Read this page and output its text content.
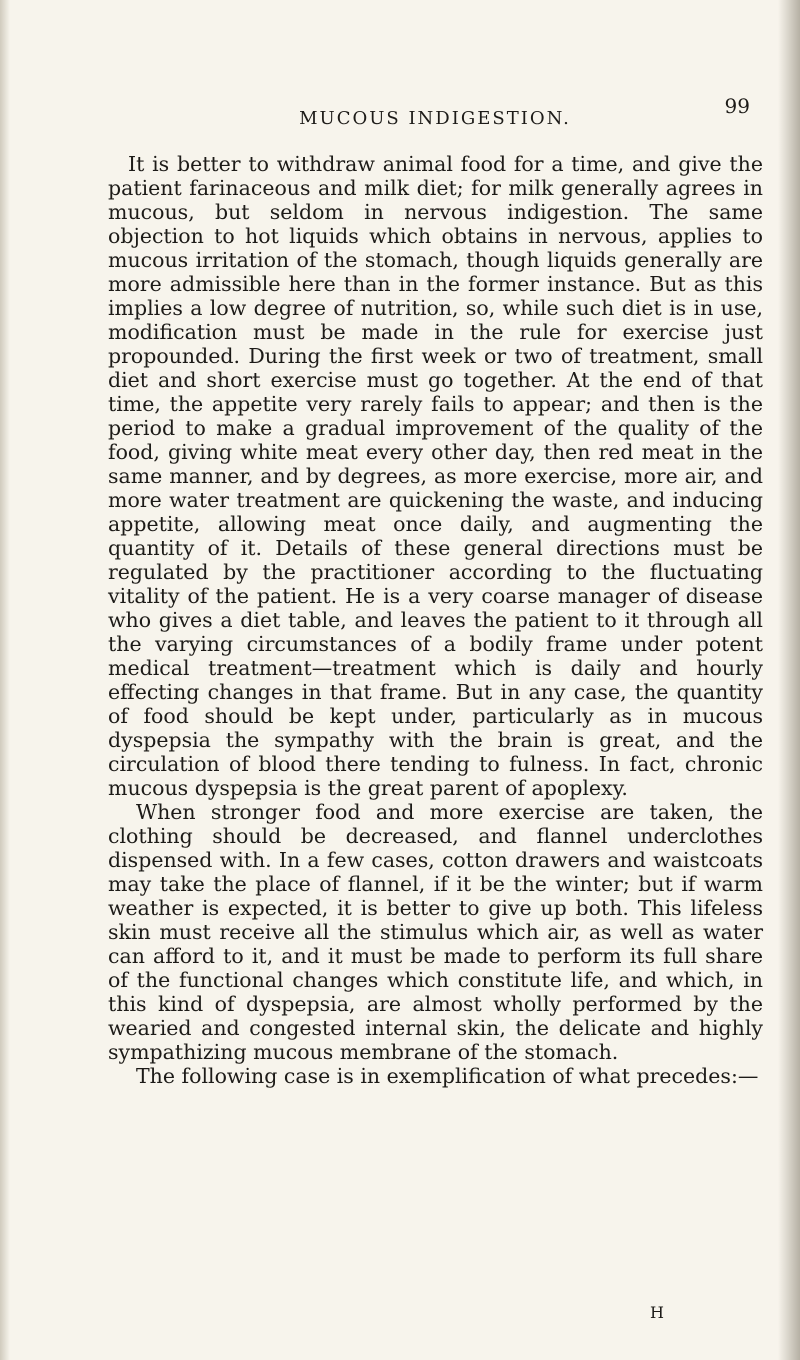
MUCOUS INDIGESTION.
99

It is better to withdraw animal food for a time, and give the patient farinaceous and milk diet; for milk generally agrees in mucous, but seldom in nervous indigestion. The same objection to hot liquids which obtains in nervous, applies to mucous irritation of the stomach, though liquids generally are more admissible here than in the former instance. But as this implies a low degree of nutrition, so, while such diet is in use, modification must be made in the rule for exercise just propounded. During the first week or two of treatment, small diet and short exercise must go together. At the end of that time, the appetite very rarely fails to appear; and then is the period to make a gradual improvement of the quality of the food, giving white meat every other day, then red meat in the same manner, and by degrees, as more exercise, more air, and more water treatment are quickening the waste, and inducing appetite, allowing meat once daily, and augmenting the quantity of it. Details of these general directions must be regulated by the practitioner according to the fluctuating vitality of the patient. He is a very coarse manager of disease who gives a diet table, and leaves the patient to it through all the varying circumstances of a bodily frame under potent medical treatment—treatment which is daily and hourly effecting changes in that frame. But in any case, the quantity of food should be kept under, particularly as in mucous dyspepsia the sympathy with the brain is great, and the circulation of blood there tending to fulness. In fact, chronic mucous dyspepsia is the great parent of apoplexy.

When stronger food and more exercise are taken, the clothing should be decreased, and flannel underclothes dispensed with. In a few cases, cotton drawers and waistcoats may take the place of flannel, if it be the winter; but if warm weather is expected, it is better to give up both. This lifeless skin must receive all the stimulus which air, as well as water can afford to it, and it must be made to perform its full share of the functional changes which constitute life, and which, in this kind of dyspepsia, are almost wholly performed by the wearied and congested internal skin, the delicate and highly sympathizing mucous membrane of the stomach.

The following case is in exemplification of what precedes:—

H
